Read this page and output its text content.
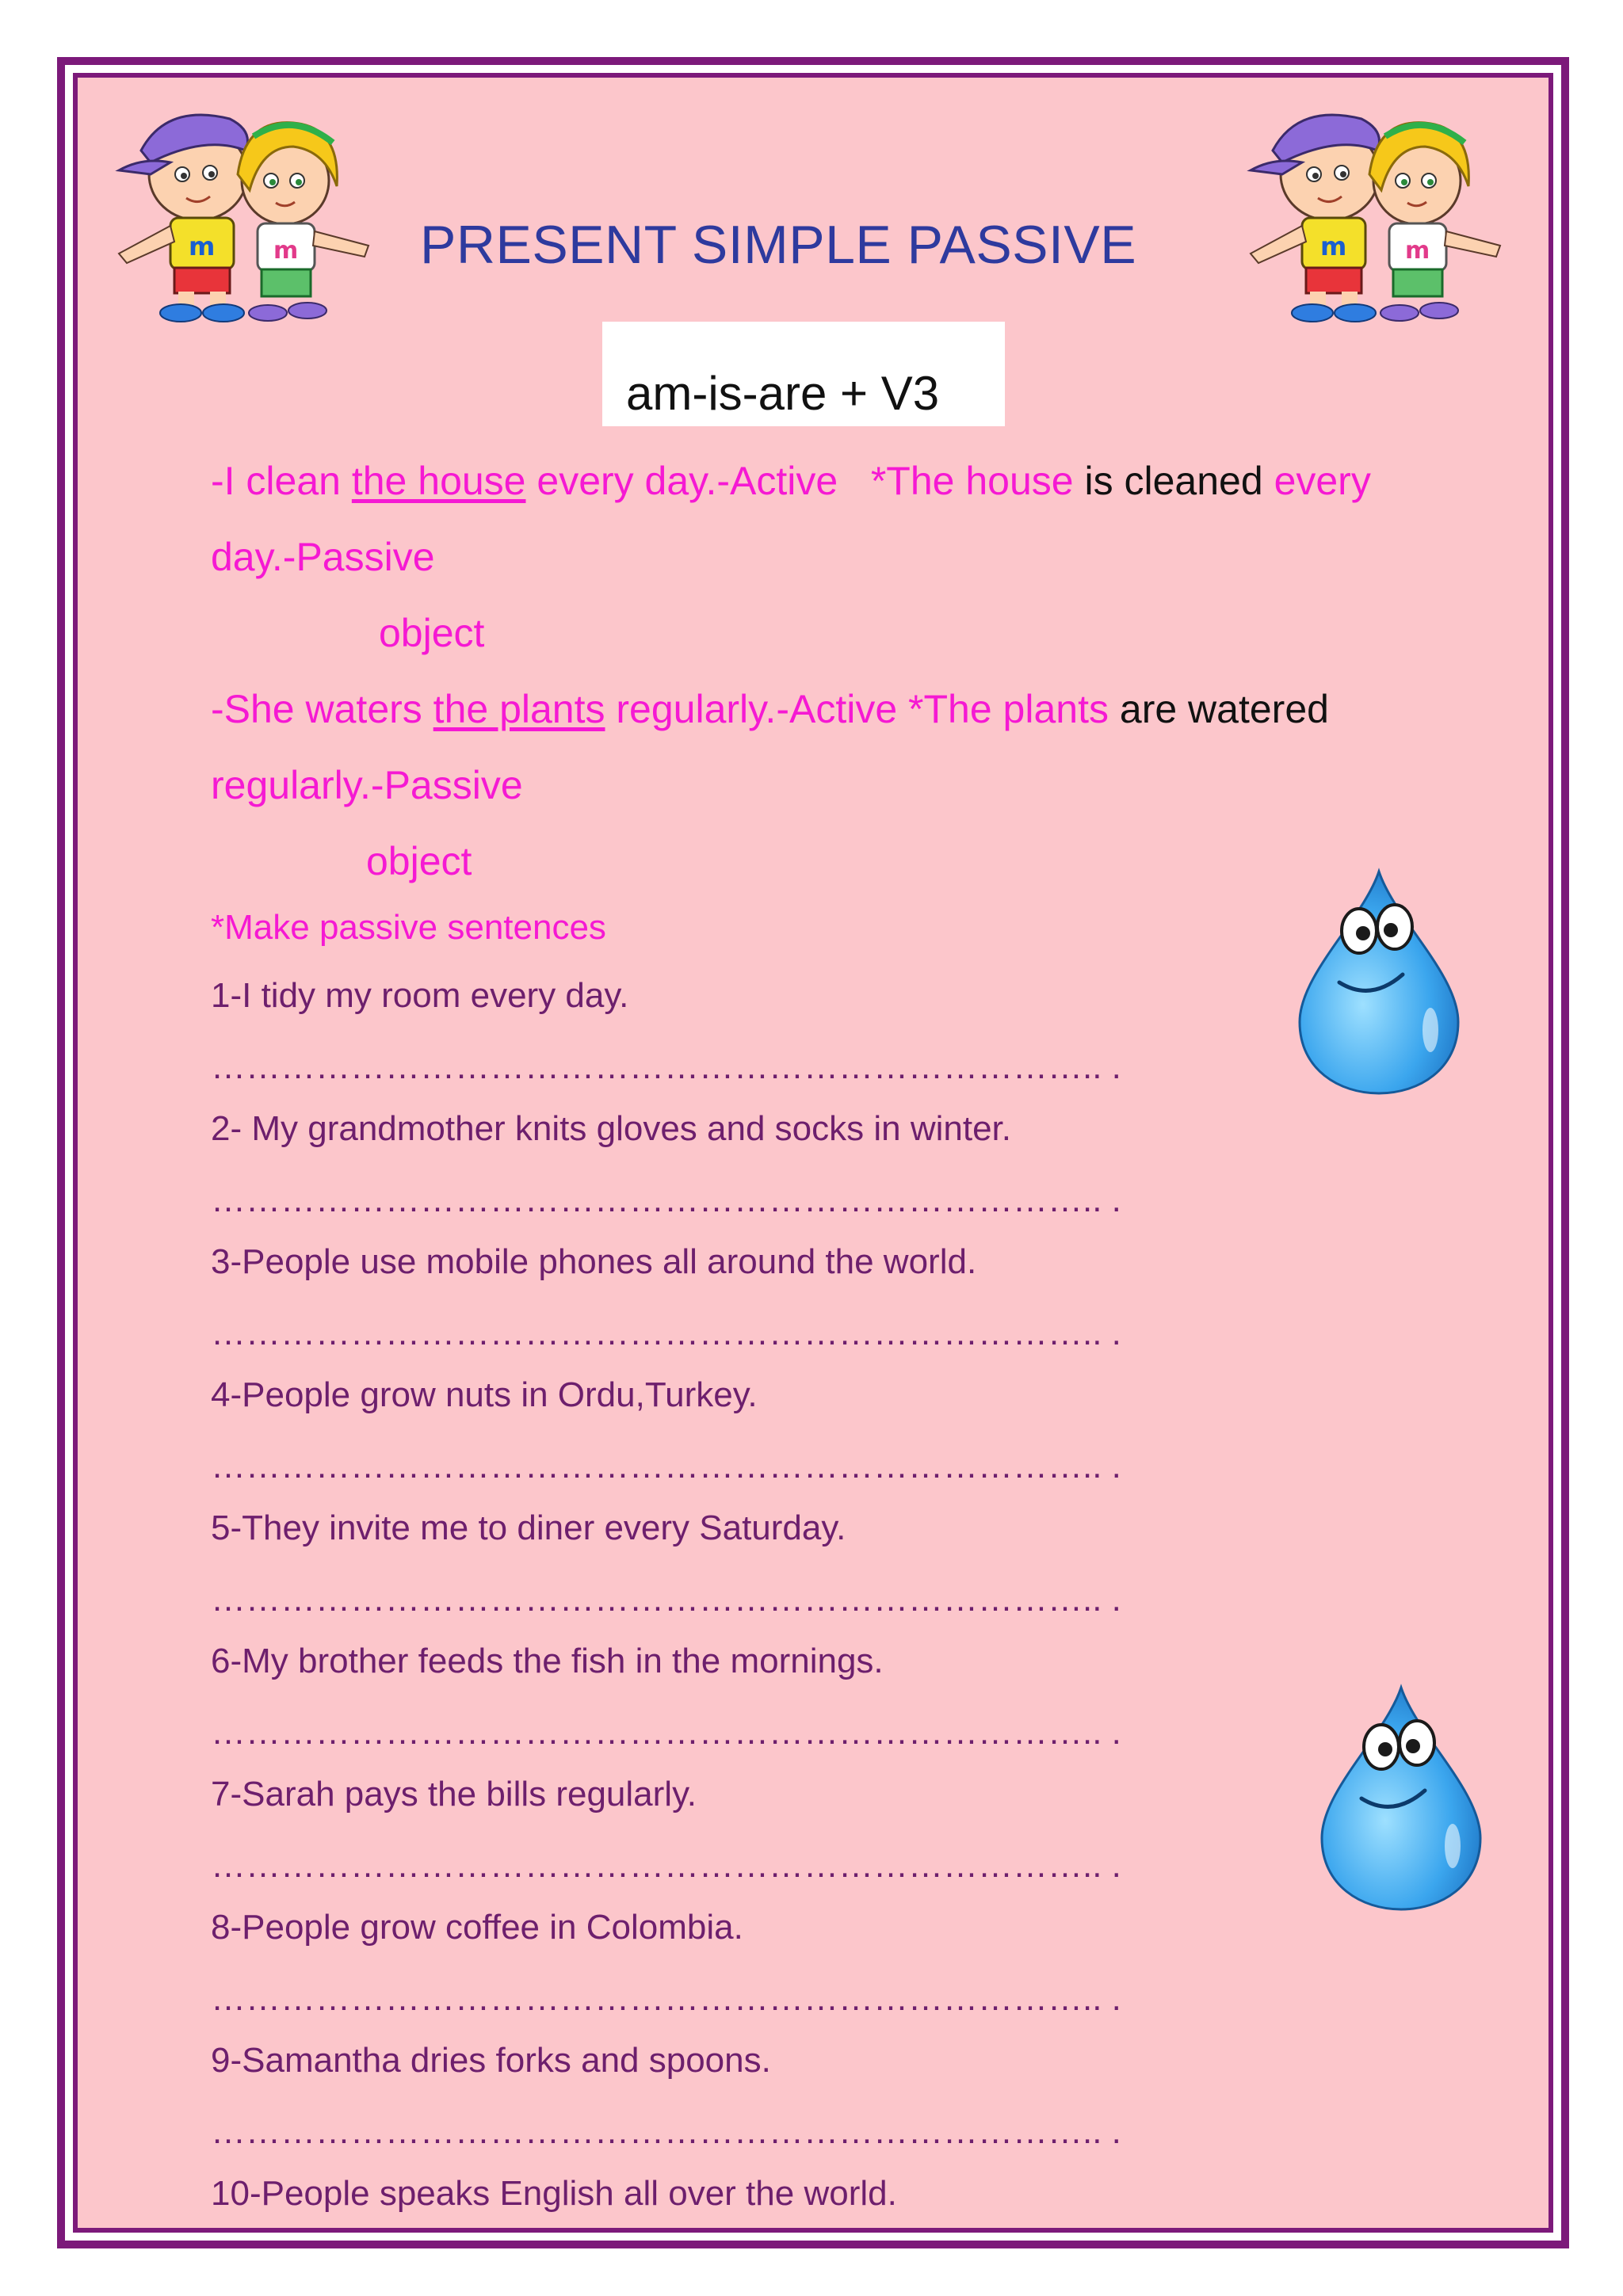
m m	m m
PRESENT SIMPLE PASSIVE
am-is-are + V3
-I clean the house every day.-Active *The house is cleaned every
day.-Passive
object
-She waters the plants regularly.-Active *The plants are watered
regularly.-Passive
object
*Make passive sentences
1-I tidy my room every day.
………………………………………………………………….. .
2- My grandmother knits gloves and socks in winter.
………………………………………………………………….. .
3-People use mobile phones all around the world.
………………………………………………………………….. .
4-People grow nuts in Ordu,Turkey.
………………………………………………………………….. .
5-They invite me to diner every Saturday.
………………………………………………………………….. .
6-My brother feeds the fish in the mornings.
………………………………………………………………….. .
7-Sarah pays the bills regularly.
………………………………………………………………….. .
8-People grow coffee in Colombia.
………………………………………………………………….. .
9-Samantha dries forks and spoons.
………………………………………………………………….. .
10-People speaks English all over the world.
